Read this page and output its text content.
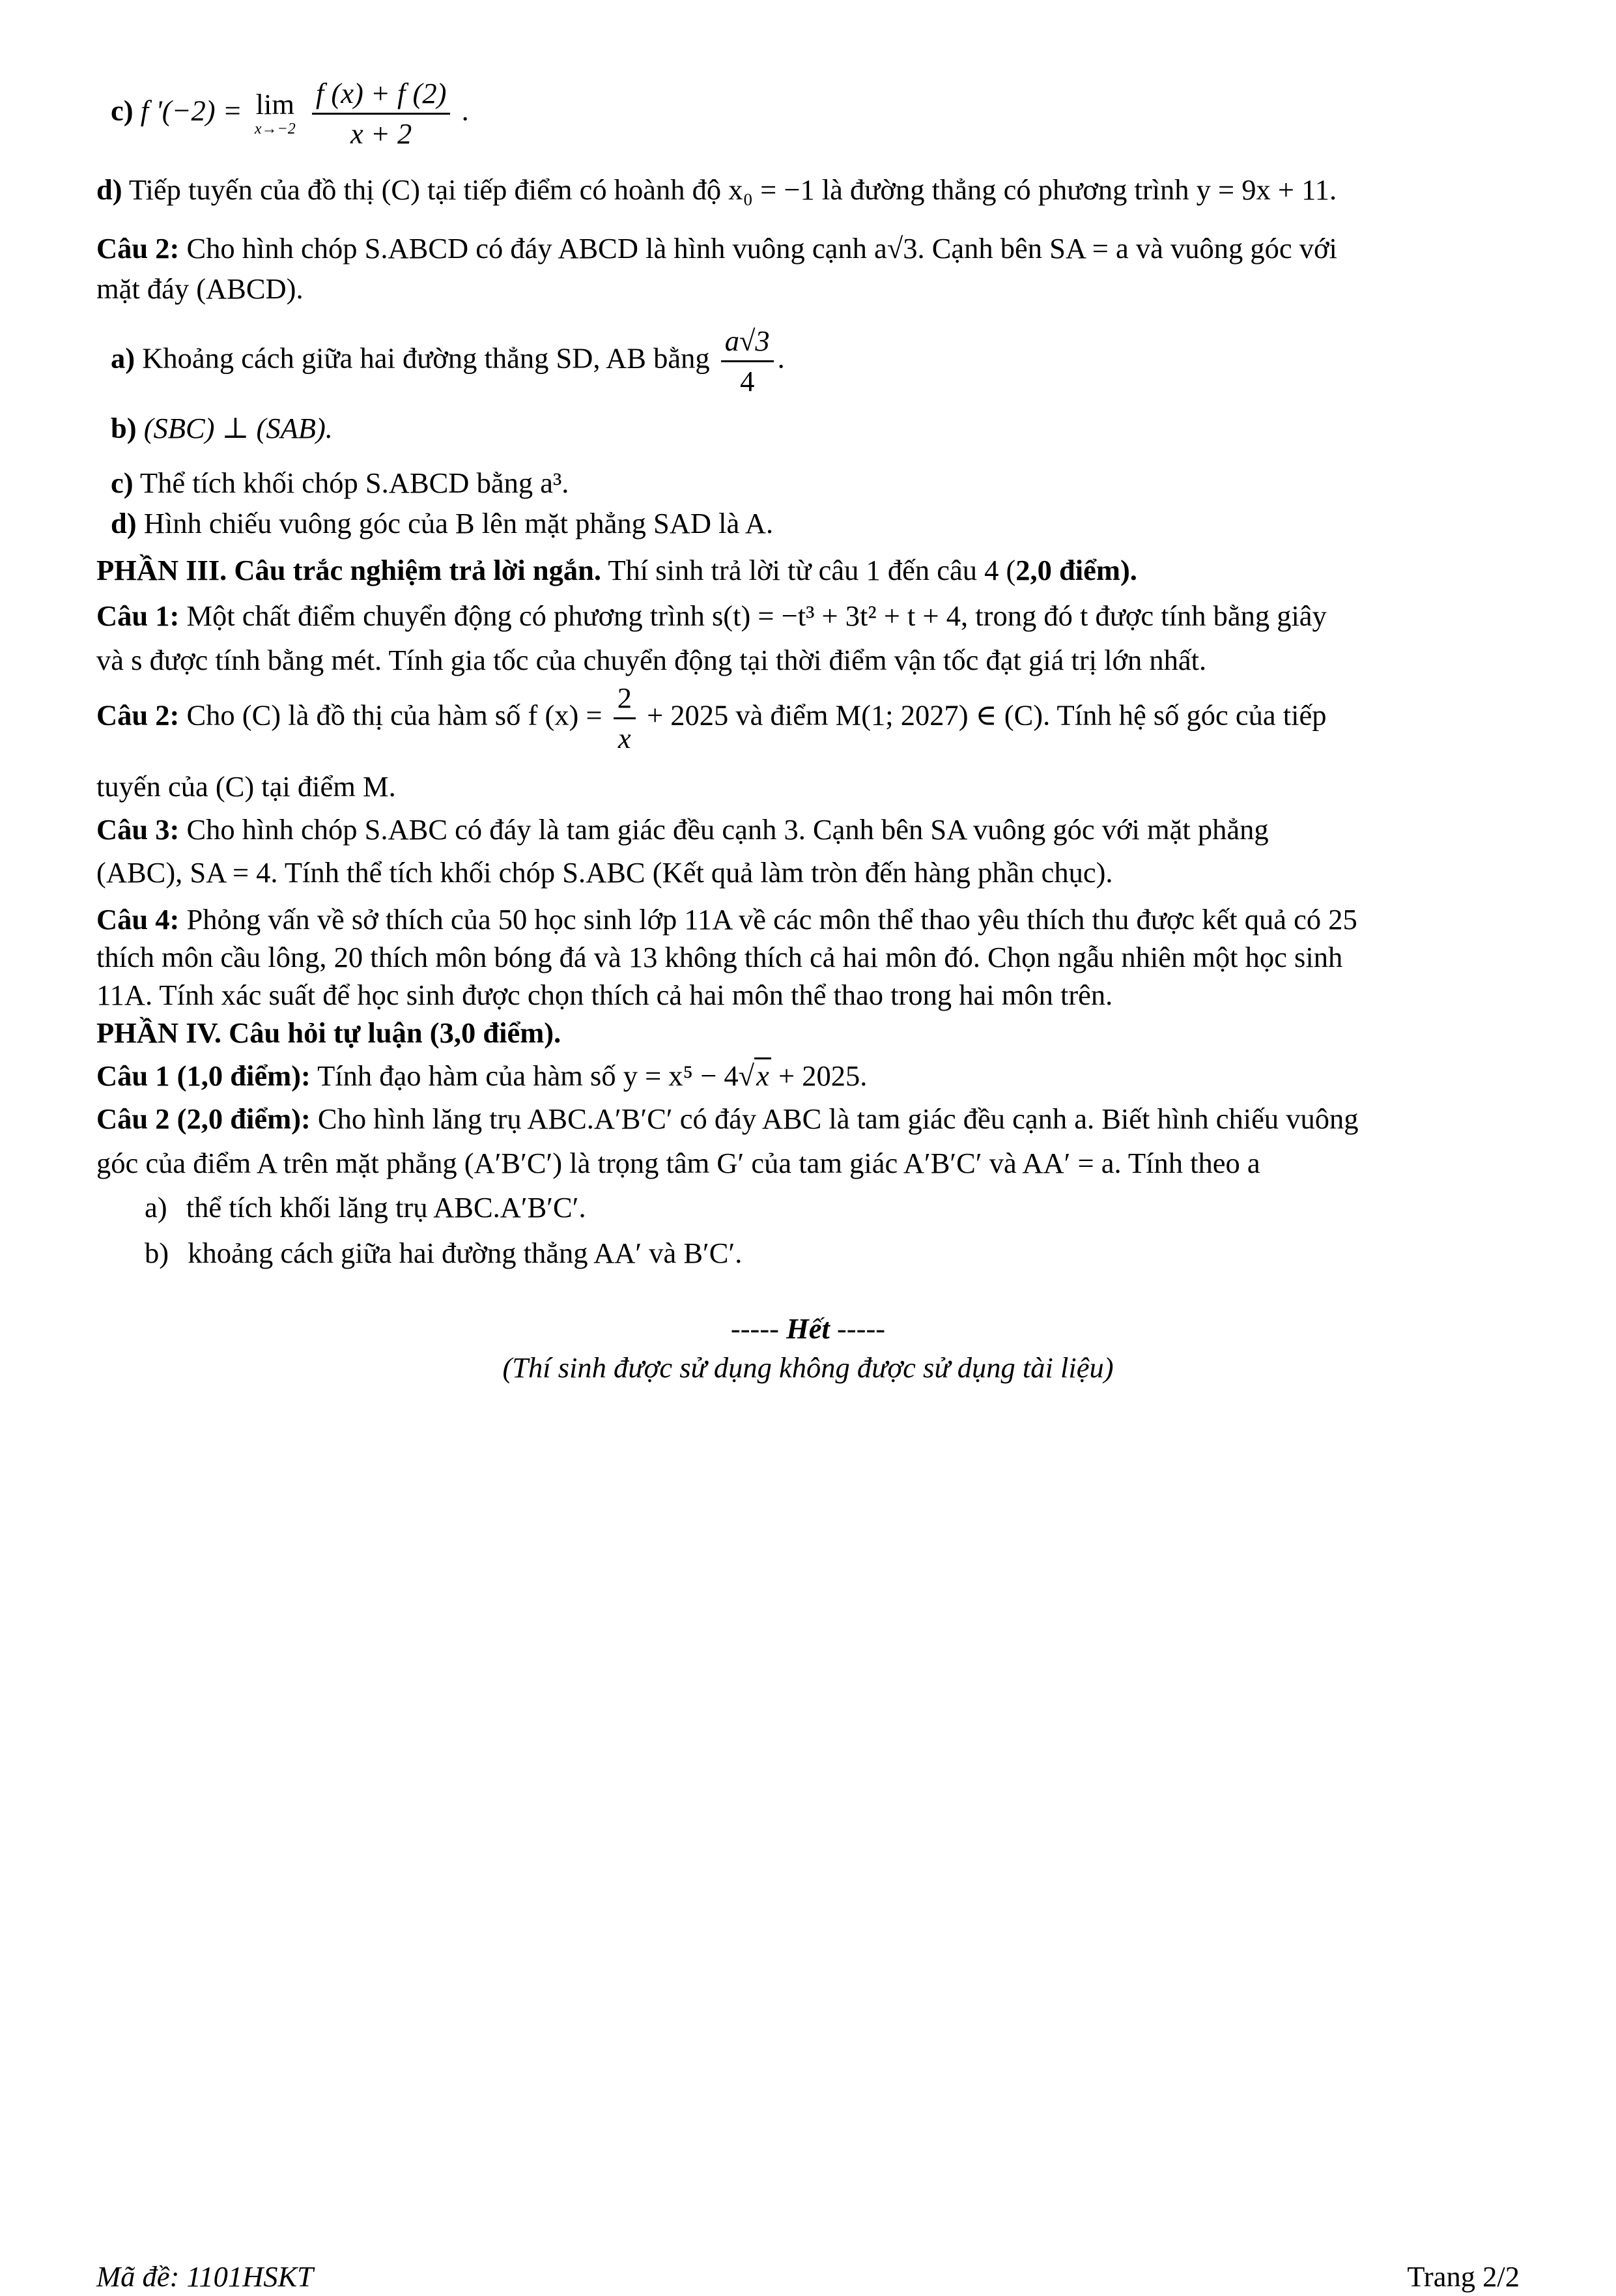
c) f '(−2) = lim
x→−2
$\frac{f (x) + f (2)}{x + 2}$ .
d) Tiếp tuyến của đồ thị (C) tại tiếp điểm có hoành độ x₀ = −1 là đường thẳng có phương trình y = 9x + 11.
Câu 2: Cho hình chóp S.ABCD có đáy ABCD là hình vuông cạnh a√3. Cạnh bên SA = a và vuông góc với
mặt đáy (ABCD).
a) Khoảng cách giữa hai đường thẳng SD, AB bằng $\frac{a√3}{4}$ .
b) (SBC) ⊥ (SAB).
c) Thể tích khối chóp S.ABCD bằng a³.
d) Hình chiếu vuông góc của B lên mặt phẳng SAD là A.
PHẦN III. Câu trắc nghiệm trả lời ngắn. Thí sinh trả lời từ câu 1 đến câu 4 (2,0 điểm).
Câu 1: Một chất điểm chuyển động có phương trình s(t) = −t³ + 3t² + t + 4, trong đó t được tính bằng giây
và s được tính bằng mét. Tính gia tốc của chuyển động tại thời điểm vận tốc đạt giá trị lớn nhất.
Câu 2: Cho (C) là đồ thị của hàm số f $(x) = \frac{2}{x} + 2025$ và điểm M(1; 2027) ∈ (C). Tính hệ số góc của tiếp
tuyến của (C) tại điểm M.
Câu 3: Cho hình chóp S.ABC có đáy là tam giác đều cạnh 3. Cạnh bên SA vuông góc với mặt phẳng
(ABC), SA = 4. Tính thể tích khối chóp S.ABC (Kết quả làm tròn đến hàng phần chục).
Câu 4: Phỏng vấn về sở thích của 50 học sinh lớp 11A về các môn thể thao yêu thích thu được kết quả có 25
thích môn cầu lông, 20 thích môn bóng đá và 13 không thích cả hai môn đó. Chọn ngẫu nhiên một học sinh
11A. Tính xác suất để học sinh được chọn thích cả hai môn thể thao trong hai môn trên.
PHẦN IV. Câu hỏi tự luận (3,0 điểm).
Câu 1 (1,0 điểm): Tính đạo hàm của hàm số y = x⁵ − 4√x + 2025.
Câu 2 (2,0 điểm): Cho hình lăng trụ ABC.A′B′C′ có đáy ABC là tam giác đều cạnh a. Biết hình chiếu vuông
góc của điểm A trên mặt phẳng (A′B′C′) là trọng tâm G′ của tam giác A′B′C′ và AA′ = a. Tính theo a
a) thể tích khối lăng trụ ABC.A′B′C′.
b) khoảng cách giữa hai đường thẳng AA′ và B′C′.
----- Hết -----
(Thí sinh được sử dụng không được sử dụng tài liệu)
Mã đề: 1101HSKT	Trang 2/2
